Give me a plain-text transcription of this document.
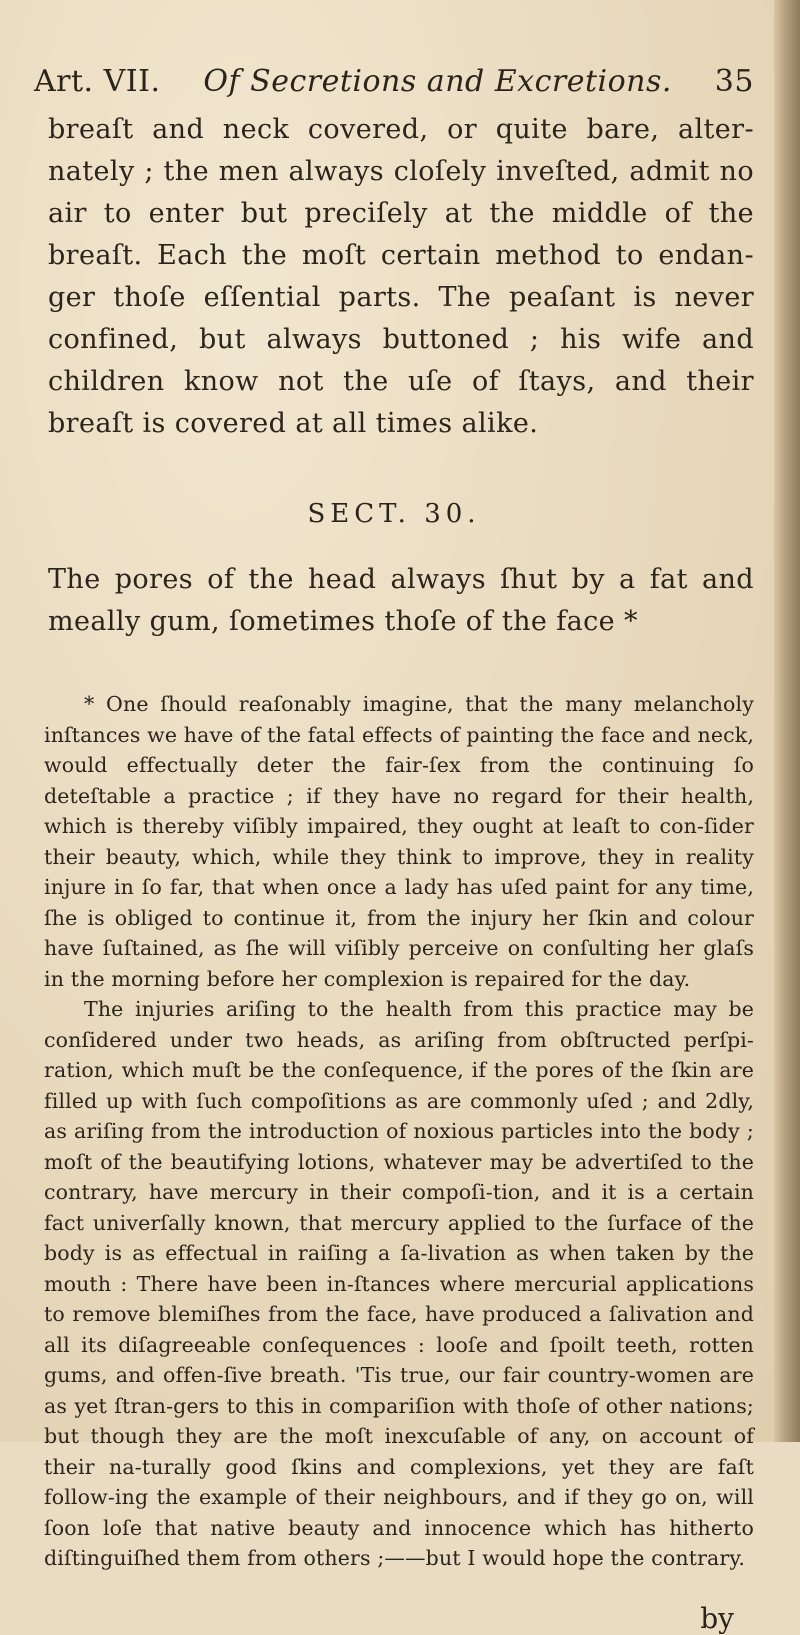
Art. VII. Of Secretions and Excretions. 35

breaſt and neck covered, or quite bare, alter-nately ; the men always cloſely inveſted, admit no air to enter but preciſely at the middle of the breaſt. Each the moſt certain method to endan-ger thoſe eſſential parts. The peaſant is never confined, but always buttoned ; his wife and children know not the uſe of ſtays, and their breaſt is covered at all times alike.

SECT. 30.

The pores of the head always ſhut by a fat and meally gum, ſometimes thoſe of the face *

* One ſhould reaſonably imagine, that the many melancholy inſtances we have of the fatal effects of painting the face and neck, would effectually deter the fair-ſex from the continuing ſo deteſtable a practice ; if they have no regard for their health, which is thereby viſibly impaired, they ought at leaſt to con-ſider their beauty, which, while they think to improve, they in reality injure in ſo far, that when once a lady has uſed paint for any time, ſhe is obliged to continue it, from the injury her ſkin and colour have ſuſtained, as ſhe will viſibly perceive on conſulting her glaſs in the morning before her complexion is repaired for the day.

The injuries ariſing to the health from this practice may be conſidered under two heads, as ariſing from obſtructed perſpi-ration, which muſt be the conſequence, if the pores of the ſkin are filled up with ſuch compoſitions as are commonly uſed ; and 2dly, as ariſing from the introduction of noxious particles into the body ; moſt of the beautifying lotions, whatever may be advertiſed to the contrary, have mercury in their compoſi-tion, and it is a certain fact univerſally known, that mercury applied to the ſurface of the body is as effectual in raiſing a ſa-livation as when taken by the mouth : There have been in-ſtances where mercurial applications to remove blemiſhes from the face, have produced a ſalivation and all its diſagreeable conſequences : looſe and ſpoilt teeth, rotten gums, and offen-ſive breath. 'Tis true, our fair country-women are as yet ſtran-gers to this in compariſion with thoſe of other nations; but though they are the moſt inexcuſable of any, on account of their na-turally good ſkins and complexions, yet they are faſt follow-ing the example of their neighbours, and if they go on, will ſoon loſe that native beauty and innocence which has hitherto diſtinguiſhed them from others ;——but I would hope the contrary.

by
